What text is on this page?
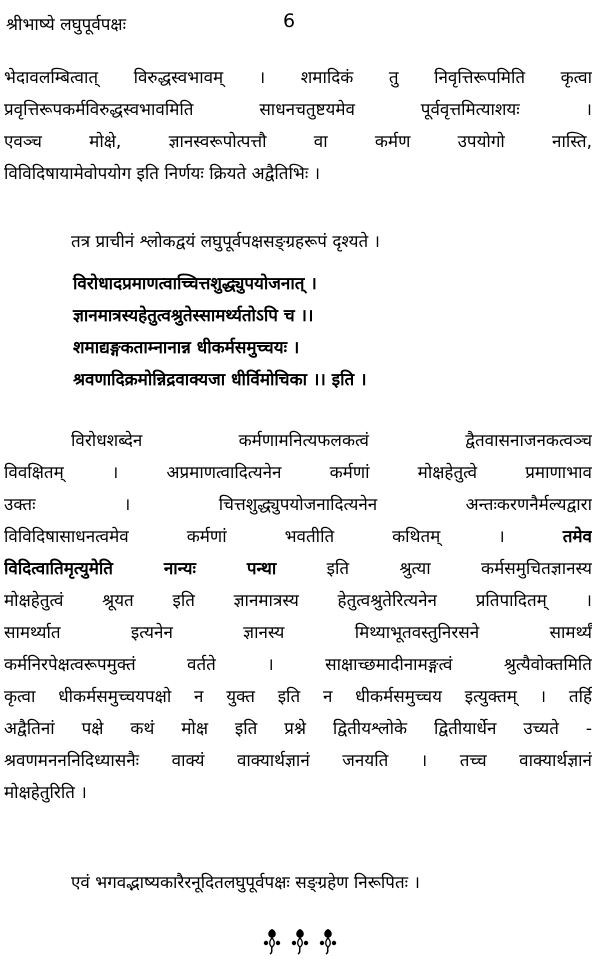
श्रीभाष्ये लघुपूर्वपक्षः	6
भेदावलम्बित्वात् विरुद्धस्वभावम् । शमादिकं तु निवृत्तिरूपमिति कृत्वा
प्रवृत्तिरूपकर्मविरुद्धस्वभावमिति साधनचतुष्टयमेव पूर्ववृत्तमित्याशयः ।
एवञ्च मोक्षे, ज्ञानस्वरूपोत्पत्तौ वा कर्मण उपयोगो नास्ति,
विविदिषायामेवोपयोग इति निर्णयः क्रियते अद्वैतिभिः ।
तत्र प्राचीनं श्लोकद्वयं लघुपूर्वपक्षसङ्ग्रहरूपं दृश्यते ।
विरोधादप्रमाणत्वाच्चित्तशुद्ध्युपयोजनात् ।
ज्ञानमात्रस्यहेतुत्वश्रुतेस्सामर्थ्यतोऽपि च ।।
शमाद्यङ्गकताम्नानान्न धीकर्मसमुच्चयः ।
श्रवणादिक्रमोन्निद्रवाक्यजा धीर्विमोचिका ।। इति ।
विरोधशब्देन कर्मणामनित्यफलकत्वं द्वैतवासनाजनकत्वञ्च
विवक्षितम् । अप्रमाणत्वादित्यनेन कर्मणां मोक्षहेतुत्वे प्रमाणाभाव
उक्तः । चित्तशुद्ध्युपयोजनादित्यनेन अन्तःकरणनैर्मल्यद्वारा
विविदिषासाधनत्वमेव कर्मणां भवतीति कथितम् ।	तमेव
विदित्वातिमृत्युमेति नान्यः पन्था	इति श्रुत्या कर्मसमुचितज्ञानस्य
मोक्षहेतुत्वं श्रूयत इति ज्ञानमात्रस्य हेतुत्वश्रुतेरित्यनेन प्रतिपादितम् ।
सामर्थ्यात इत्यनेन ज्ञानस्य मिथ्याभूतवस्तुनिरसने सामर्थ्यं
कर्मनिरपेक्षत्वरूपमुक्तं वर्तते । साक्षाच्छमादीनामङ्गत्वं श्रुत्यैवोक्तमिति
कृत्वा धीकर्मसमुच्चयपक्षो न युक्त इति न धीकर्मसमुच्चय इत्युक्तम् । तर्हि
अद्वैतिनां पक्षे कथं मोक्ष इति प्रश्ने द्वितीयश्लोके द्वितीयार्धेन उच्यते -
श्रवणमनननिदिध्यासनैः वाक्यं वाक्यार्थज्ञानं जनयति । तच्च वाक्यार्थज्ञानं
मोक्षहेतुरिति ।
एवं भगवद्भाष्यकारैरनूदितलघुपूर्वपक्षः सङ्ग्रहेण निरूपितः ।
